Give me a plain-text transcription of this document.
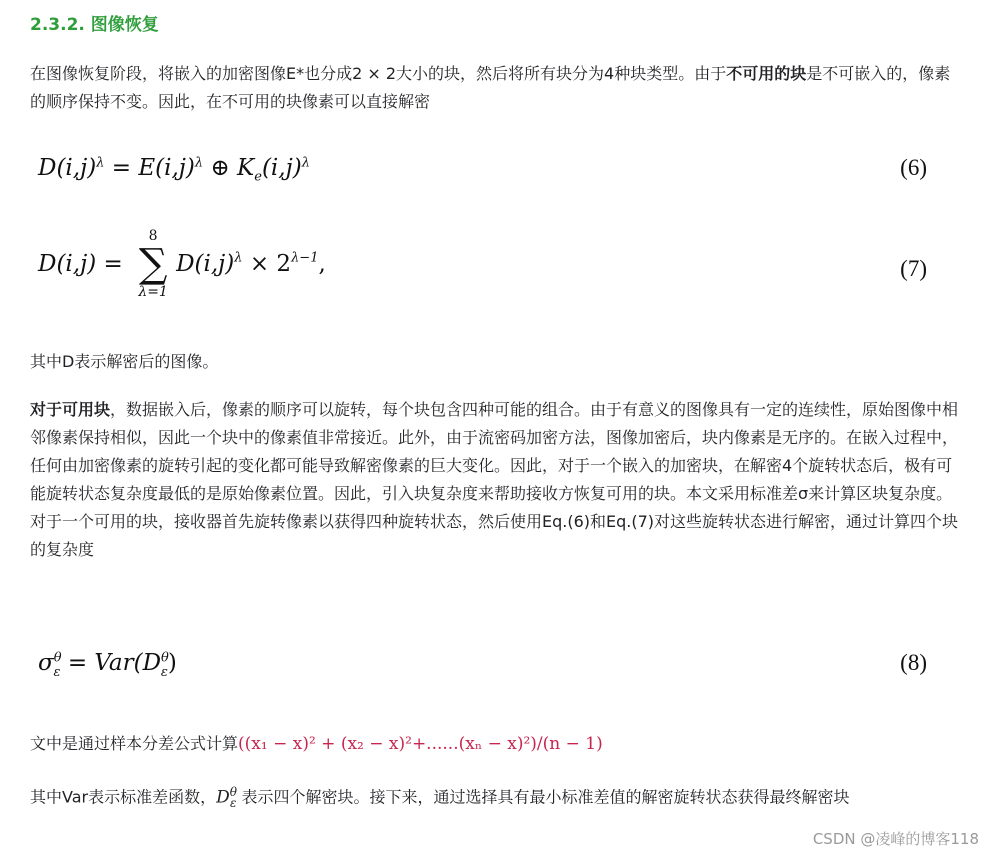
2.3.2. 图像恢复
在图像恢复阶段，将嵌入的加密图像E*也分成2 × 2大小的块，然后将所有块分为4种块类型。由于不可用的块是不可嵌入的，像素的顺序保持不变。因此，在不可用的块像素可以直接解密
$D(i,j)^\lambda = E(i,j)^\lambda$ ⊕ $K_e(i,j)^\lambda$	(6)
D(i,j) =
8
∑
λ=1
$D(i,j)^\lambda \times 2^{\lambda-1}$,	(7)
其中D表示解密后的图像。
对于可用块，数据嵌入后，像素的顺序可以旋转，每个块包含四种可能的组合。由于有意义的图像具有一定的连续性，原始图像中相邻像素保持相似，因此一个块中的像素值非常接近。此外，由于流密码加密方法，图像加密后，块内像素是无序的。在嵌入过程中，任何由加密像素的旋转引起的变化都可能导致解密像素的巨大变化。因此，对于一个嵌入的加密块，在解密4个旋转状态后，极有可能旋转状态复杂度最低的是原始像素位置。因此，引入块复杂度来帮助接收方恢复可用的块。本文采用标准差σ来计算区块复杂度。对于一个可用的块，接收器首先旋转像素以获得四种旋转状态，然后使用Eq.(6)和Eq.(7)对这些旋转状态进行解密，通过计算四个块的复杂度
$\sigma^\theta_\varepsilon = Var(D^\theta_\varepsilon)$	(8)
文中是通过样本分差公式计算((x₁ − x)² + (x₂ − x)²+......(xₙ − x)²)/(n − 1)
其中Var表示标准差函数，$D^\theta_\varepsilon$ 表示四个解密块。接下来，通过选择具有最小标准差值的解密旋转状态获得最终解密块
CSDN @凌峰的博客118
